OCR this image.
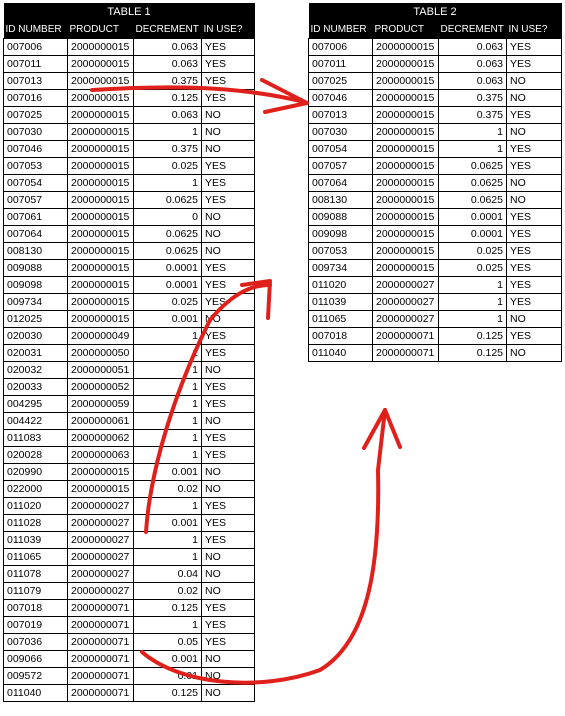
TABLE 1			
ID NUMBER	PRODUCT	DECREMENT	IN USE?
007006	2000000015	0.063	YES
007011	2000000015	0.063	YES
007013	2000000015	0.375	YES
007016	2000000015	0.125	YES
007025	2000000015	0.063	NO
007030	2000000015	1	NO
007046	2000000015	0.375	NO
007053	2000000015	0.025	YES
007054	2000000015	1	YES
007057	2000000015	0.0625	YES
007061	2000000015	0	NO
007064	2000000015	0.0625	NO
008130	2000000015	0.0625	NO
009088	2000000015	0.0001	YES
009098	2000000015	0.0001	YES
009734	2000000015	0.025	YES
012025	2000000015	0.001	NO
020030	2000000049	1	YES
020031	2000000050	1	YES
020032	2000000051	1	NO
020033	2000000052	1	YES
004295	2000000059	1	YES
004422	2000000061	1	NO
011083	2000000062	1	YES
020028	2000000063	1	YES
020990	2000000015	0.001	NO
022000	2000000015	0.02	NO
011020	2000000027	1	YES
011028	2000000027	0.001	YES
011039	2000000027	1	YES
011065	2000000027	1	NO
011078	2000000027	0.04	NO
011079	2000000027	0.02	NO
007018	2000000071	0.125	YES
007019	2000000071	1	YES
007036	2000000071	0.05	YES
009066	2000000071	0.001	NO
009572	2000000071	0.01	NO
011040	2000000071	0.125	NO
TABLE 2			
ID NUMBER	PRODUCT	DECREMENT	IN USE?
007006	2000000015	0.063	YES
007011	2000000015	0.063	YES
007025	2000000015	0.063	NO
007046	2000000015	0.375	NO
007013	2000000015	0.375	YES
007030	2000000015	1	NO
007054	2000000015	1	YES
007057	2000000015	0.0625	YES
007064	2000000015	0.0625	NO
008130	2000000015	0.0625	NO
009088	2000000015	0.0001	YES
009098	2000000015	0.0001	YES
007053	2000000015	0.025	YES
009734	2000000015	0.025	YES
011020	2000000027	1	YES
011039	2000000027	1	YES
011065	2000000027	1	NO
007018	2000000071	0.125	YES
011040	2000000071	0.125	NO
